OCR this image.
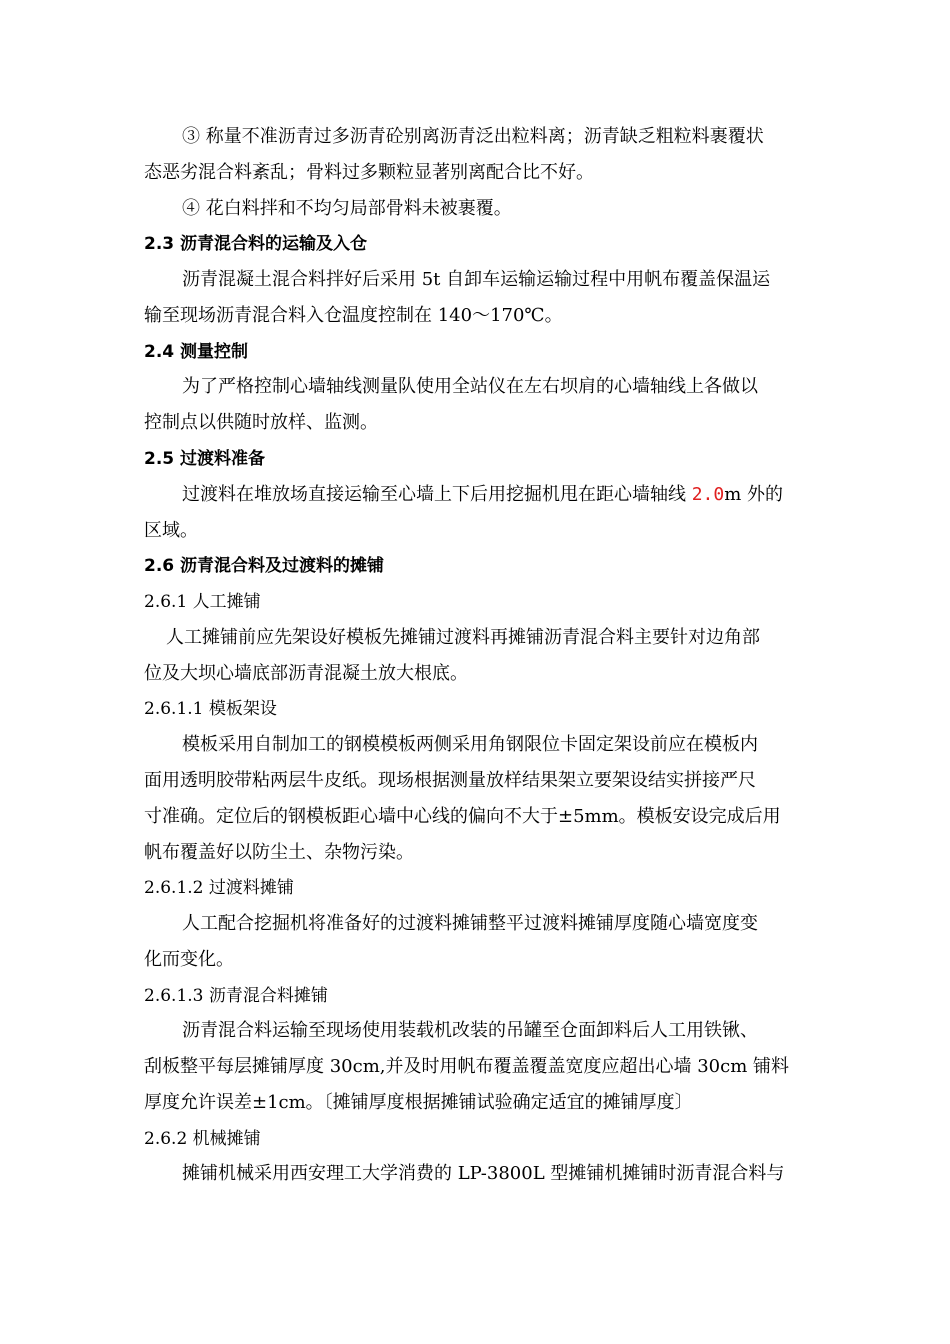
③ 称量不准沥青过多沥青砼别离沥青泛出粒料离；沥青缺乏粗粒料裹覆状
态恶劣混合料紊乱；骨料过多颗粒显著别离配合比不好。
④ 花白料拌和不均匀局部骨料未被裹覆。
2.3 沥青混合料的运输及入仓
沥青混凝土混合料拌好后采用 5t 自卸车运输运输过程中用帆布覆盖保温运
输至现场沥青混合料入仓温度控制在 140～170℃。
2.4 测量控制
为了严格控制心墙轴线测量队使用全站仪在左右坝肩的心墙轴线上各做以
控制点以供随时放样、监测。
2.5 过渡料准备
过渡料在堆放场直接运输至心墙上下后用挖掘机甩在距心墙轴线 2.0m 外的
区域。
2.6 沥青混合料及过渡料的摊铺
2.6.1 人工摊铺
人工摊铺前应先架设好模板先摊铺过渡料再摊铺沥青混合料主要针对边角部
位及大坝心墙底部沥青混凝土放大根底。
2.6.1.1 模板架设
模板采用自制加工的钢模模板两侧采用角钢限位卡固定架设前应在模板内
面用透明胶带粘两层牛皮纸。现场根据测量放样结果架立要架设结实拼接严尺
寸准确。定位后的钢模板距心墙中心线的偏向不大于±5mm。模板安设完成后用
帆布覆盖好以防尘土、杂物污染。
2.6.1.2 过渡料摊铺
人工配合挖掘机将准备好的过渡料摊铺整平过渡料摊铺厚度随心墙宽度变
化而变化。
2.6.1.3 沥青混合料摊铺
沥青混合料运输至现场使用装载机改装的吊罐至仓面卸料后人工用铁锹、
刮板整平每层摊铺厚度 30cm,并及时用帆布覆盖覆盖宽度应超出心墙 30cm 铺料
厚度允许误差±1cm。〔摊铺厚度根据摊铺试验确定适宜的摊铺厚度〕
2.6.2 机械摊铺
摊铺机械采用西安理工大学消费的 LP-3800L 型摊铺机摊铺时沥青混合料与
